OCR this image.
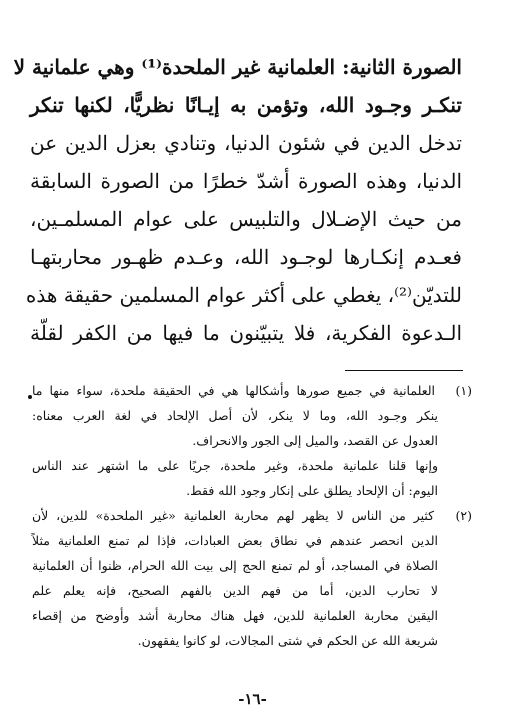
الصورة الثانية: العلمانية غير الملحدة⁽¹⁾ وهي علمانية لا
تنكـر وجـود الله، وتؤمن به إيـانًا نظريًّا، لكنها تنكر
تدخل الدين في شئون الدنيا، وتنادي بعزل الدين عن
الدنيا، وهذه الصورة أشدّ خطرًا من الصورة السابقة
من حيث الإضـلال والتلبيس على عوام المسلمـين،
فعـدم إنكـارها لوجـود الله، وعـدم ظهـور محاربتهـا
للتديّن⁽²⁾، يغطي على أكثر عوام المسلمين حقيقة هذه
الـدعوة الفكرية، فلا يتبيّنون ما فيها من الكفر لقلّة
(١) العلمانية في جميع صورها وأشكالها هي في الحقيقة ملحدة، سواء منها ما
ينكر وجـود الله، وما لا ينكر، لأن أصل الإلحاد في لغة العرب معناه:
العدول عن القصد، والميل إلى الجور والانحراف.
وإنها قلنا علمانية ملحدة، وغير ملحدة، جريًا على ما اشتهر عند الناس
اليوم: أن الإلحاد يطلق على إنكار وجود الله فقط.
(٢) كثير من الناس لا يظهر لهم محاربة العلمانية «غير الملحدة» للدين، لأن
الدين انحصر عندهم في نطاق بعض العبادات، فإذا لم تمنع العلمانية مثلاً
الصلاة في المساجد، أو لم تمنع الحج إلى بيت الله الحرام، ظنوا أن العلمانية
لا تحارب الدين، أما من فهم الدين بالفهم الصحيح، فإنه يعلم علم
اليقين محاربة العلمانية للدين، فهل هناك محاربة أشد وأوضح من إقصاء
شريعة الله عن الحكم في شتى المجالات، لو كانوا يفقهون.
-١٦-
